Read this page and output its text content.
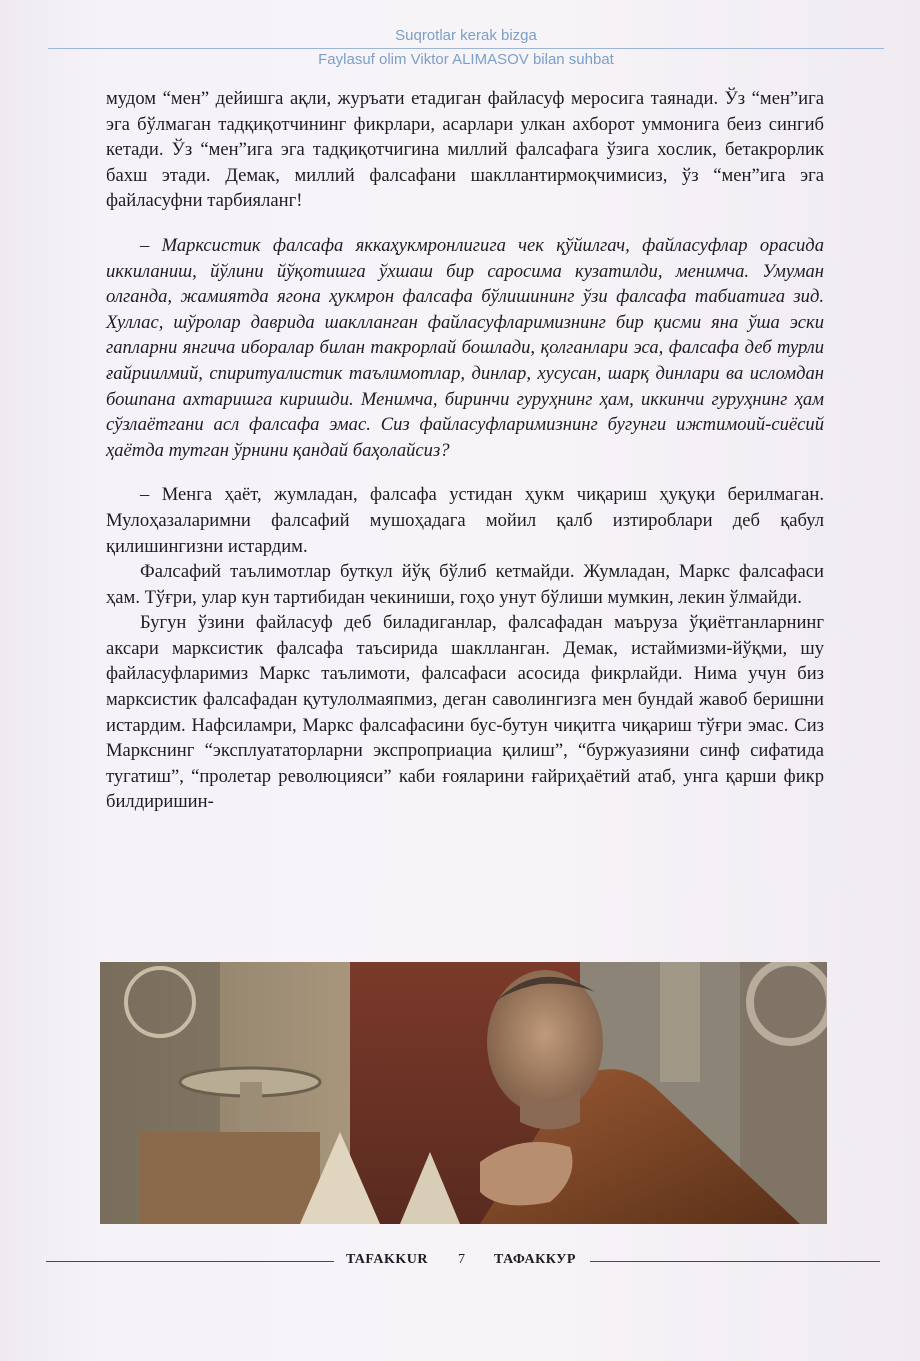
Suqrotlar kerak bizga
Faylasuf olim Viktor ALIMASOV bilan suhbat

мудом “мен” дейишга ақли, журъати етадиган файласуф меросига таянади. Ўз “мен”ига эга бўлмаган тадқиқотчининг фикрлари, асарлари улкан ахборот уммонига беиз сингиб кетади. Ўз “мен”ига эга тадқиқотчигина миллий фалсафага ўзига хослик, бетакрорлик бахш этади. Демак, миллий фалсафани шакллантирмоқчимисиз, ўз “мен”ига эга файласуфни тарбияланг!

– Марксистик фалсафа яккаҳукмронлигига чек қўйилгач, файласуфлар орасида иккиланиш, йўлини йўқотишга ўхшаш бир саросима кузатилди, менимча. Умуман олганда, жамиятда ягона ҳукмрон фалсафа бўлишининг ўзи фалсафа табиатига зид. Хуллас, шўролар даврида шаклланган файласуфларимизнинг бир қисми яна ўша эски гапларни янгича иборалар билан такрорлай бошлади, қолганлари эса, фалсафа деб турли ғайриилмий, спиритуалистик таълимотлар, динлар, хусусан, шарқ динлари ва исломдан бошпана ахтаришга киришди. Менимча, биринчи гуруҳнинг ҳам, иккинчи гуруҳнинг ҳам сўзлаётгани асл фалсафа эмас. Сиз файласуфларимизнинг бугунги ижтимоий-сиёсий ҳаётда тутган ўрнини қандай баҳолайсиз?

– Менга ҳаёт, жумладан, фалсафа устидан ҳукм чиқариш ҳуқуқи берилмаган. Мулоҳазаларимни фалсафий мушоҳадага мойил қалб изтироблари деб қабул қилишингизни истардим.

Фалсафий таълимотлар буткул йўқ бўлиб кетмайди. Жумладан, Маркс фалсафаси ҳам. Тўғри, улар кун тартибидан чекиниши, гоҳо унут бўлиши мумкин, лекин ўлмайди.

Бугун ўзини файласуф деб биладиганлар, фалсафадан маъруза ўқиётганларнинг аксари марксистик фалсафа таъсирида шаклланган. Демак, истаймизми-йўқми, шу файласуфларимиз Маркс таълимоти, фалсафаси асосида фикрлайди. Нима учун биз марксистик фалсафадан қутулолмаяпмиз, деган саволингизга мен бундай жавоб беришни истардим. Нафсиламри, Маркс фалсафасини бус-бутун чиқитга чиқариш тўғри эмас. Сиз Маркснинг “эксплуататорларни экспроприациа қилиш”, “буржуазияни синф сифатида тугатиш”, “пролетар революцияси” каби ғояларини ғайриҳаётий атаб, унга қарши фикр билдиришин-

TAFAKKUR 7 ТАФАККУР
